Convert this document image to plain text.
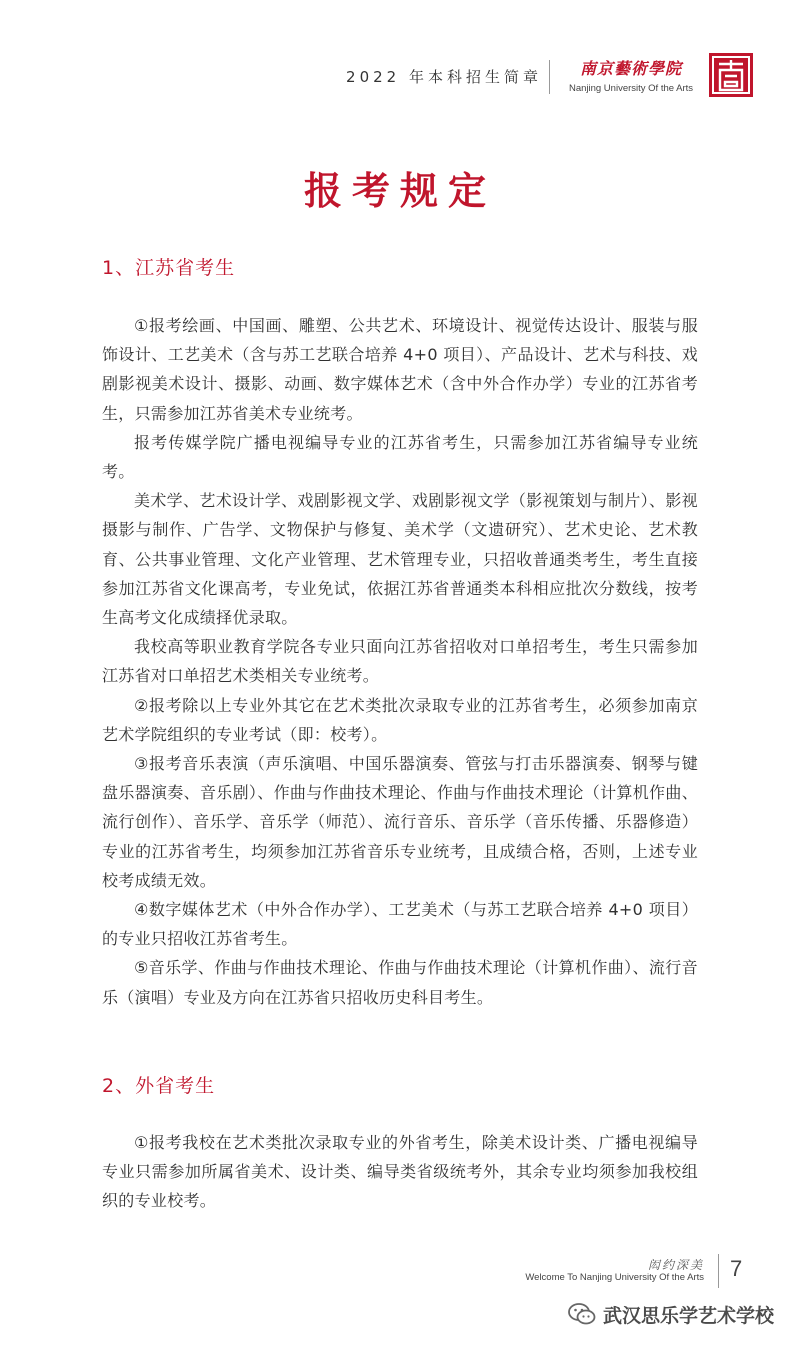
2022 年本科招生简章	南京藝術學院
Nanjing University Of the Arts
报考规定
1、江苏省考生

①报考绘画、中国画、雕塑、公共艺术、环境设计、视觉传达设计、服装与服饰设计、工艺美术（含与苏工艺联合培养 4+0 项目）、产品设计、艺术与科技、戏剧影视美术设计、摄影、动画、数字媒体艺术（含中外合作办学）专业的江苏省考生，只需参加江苏省美术专业统考。

报考传媒学院广播电视编导专业的江苏省考生，只需参加江苏省编导专业统考。

美术学、艺术设计学、戏剧影视文学、戏剧影视文学（影视策划与制片）、影视摄影与制作、广告学、文物保护与修复、美术学（文遗研究）、艺术史论、艺术教育、公共事业管理、文化产业管理、艺术管理专业，只招收普通类考生，考生直接参加江苏省文化课高考，专业免试，依据江苏省普通类本科相应批次分数线，按考生高考文化成绩择优录取。

我校高等职业教育学院各专业只面向江苏省招收对口单招考生，考生只需参加江苏省对口单招艺术类相关专业统考。

②报考除以上专业外其它在艺术类批次录取专业的江苏省考生，必须参加南京艺术学院组织的专业考试（即：校考）。

③报考音乐表演（声乐演唱、中国乐器演奏、管弦与打击乐器演奏、钢琴与键盘乐器演奏、音乐剧）、作曲与作曲技术理论、作曲与作曲技术理论（计算机作曲、流行创作）、音乐学、音乐学（师范）、流行音乐、音乐学（音乐传播、乐器修造）专业的江苏省考生，均须参加江苏省音乐专业统考，且成绩合格，否则，上述专业校考成绩无效。

④数字媒体艺术（中外合作办学）、工艺美术（与苏工艺联合培养 4+0 项目）的专业只招收江苏省考生。

⑤音乐学、作曲与作曲技术理论、作曲与作曲技术理论（计算机作曲）、流行音乐（演唱）专业及方向在江苏省只招收历史科目考生。

2、外省考生

①报考我校在艺术类批次录取专业的外省考生，除美术设计类、广播电视编导专业只需参加所属省美术、设计类、编导类省级统考外，其余专业均须参加我校组织的专业校考。

闳约深美
Welcome To Nanjing University Of the Arts 7
武汉思乐学艺术学校
